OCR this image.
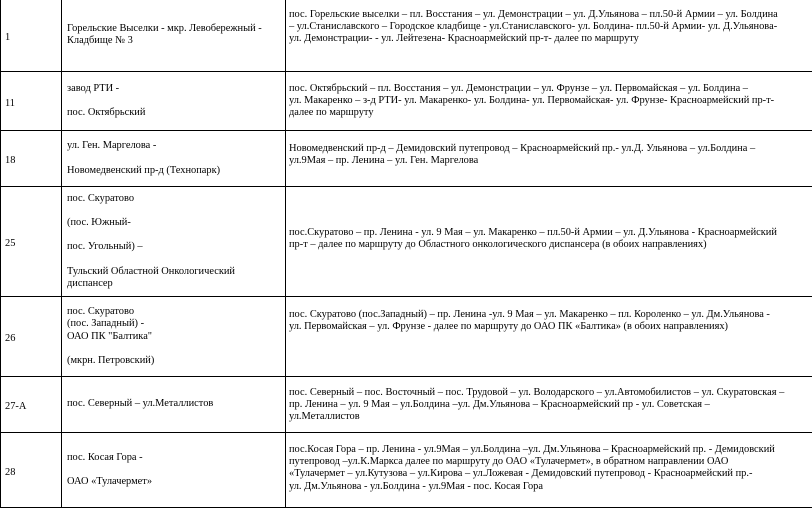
1	Горельские Выселки - мкр. Левобережный -
Кладбище № 3	пос. Горельские выселки – пл. Восстания – ул. Демонстрации – ул. Д.Ульянова – пл.50-й Армии – ул. Болдина
– ул.Станиславского – Городское кладбище - ул.Станиславского- ул. Болдина- пл.50-й Армии- ул. Д.Ульянова-
ул. Демонстрации- - ул. Лейтезена- Красноармейский пр-т- далее по маршруту

11	завод РТИ -
пос. Октябрьский	пос. Октябрьский – пл. Восстания – ул. Демонстрации – ул. Фрунзе – ул. Первомайская – ул. Болдина –
ул. Макаренко – з-д РТИ- ул. Макаренко- ул. Болдина- ул. Первомайская- ул. Фрунзе- Красноармейский пр-т-
далее по маршруту

18	ул. Ген. Маргелова -
Новомедвенский пр-д (Технопарк)	Новомедвенский пр-д – Демидовский путепровод – Красноармейский пр.- ул.Д. Ульянова – ул.Болдина –
ул.9Мая – пр. Ленина – ул. Ген. Маргелова

25	пос. Скуратово
(пос. Южный-
пос. Угольный) –
Тульский Областной Онкологический
диспансер	пос.Скуратово – пр. Ленина - ул. 9 Мая – ул. Макаренко – пл.50-й Армии – ул. Д.Ульянова - Красноармейский
пр-т – далее по маршруту до Областного онкологического диспансера (в обоих направлениях)

26	пос. Скуратово
(пос. Западный) -
ОАО ПК "Балтика"
(мкрн. Петровский)	пос. Скуратово (пос.Западный) – пр. Ленина -ул. 9 Мая – ул. Макаренко – пл. Короленко – ул. Дм.Ульянова -
ул. Первомайская – ул. Фрунзе - далее по маршруту до ОАО ПК «Балтика» (в обоих направлениях)

27-А	пос. Северный – ул.Металлистов	пос. Северный – пос. Восточный – пос. Трудовой – ул. Володарского – ул.Автомобилистов – ул. Скуратовская –
пр. Ленина – ул. 9 Мая – ул.Болдина –ул. Дм.Ульянова – Красноармейский пр - ул. Советская –
ул.Металлистов

28	пос. Косая Гора -
ОАО «Тулачермет»	пос.Косая Гора – пр. Ленина - ул.9Мая – ул.Болдина –ул. Дм.Ульянова – Красноармейский пр. - Демидовский
путепровод –ул.К.Маркса далее по маршруту до ОАО «Тулачермет», в обратном направлении ОАО
«Тулачермет – ул.Кутузова – ул.Кирова – ул.Ложевая - Демидовский путепровод - Красноармейский пр.-
ул. Дм.Ульянова - ул.Болдина - ул.9Мая - пос. Косая Гора
